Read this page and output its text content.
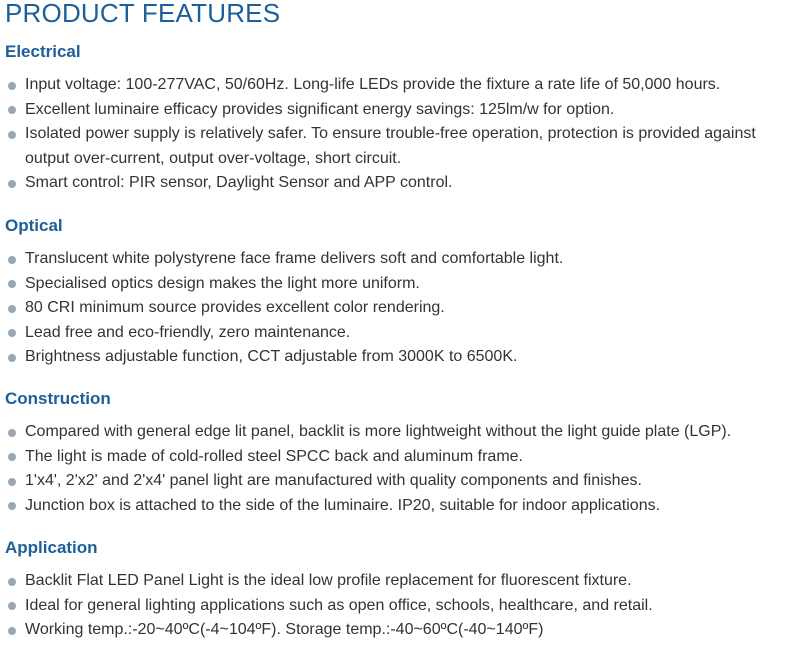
PRODUCT FEATURES
Electrical
Input voltage: 100-277VAC, 50/60Hz. Long-life LEDs provide the fixture a rate life of 50,000 hours.
Excellent luminaire efficacy provides significant energy savings: 125lm/w for option.
Isolated power supply is relatively safer. To ensure trouble-free operation, protection is provided against output over-current, output over-voltage, short circuit.
Smart control: PIR sensor, Daylight Sensor and APP control.
Optical
Translucent white polystyrene face frame delivers soft and comfortable light.
Specialised optics design makes the light more uniform.
80 CRI minimum source provides excellent color rendering.
Lead free and eco-friendly, zero maintenance.
Brightness adjustable function, CCT adjustable from 3000K to 6500K.
Construction
Compared with general edge lit panel, backlit is more lightweight without the light guide plate (LGP).
The light is made of cold-rolled steel SPCC back and aluminum frame.
1'x4', 2'x2' and 2'x4' panel light are manufactured with quality components and finishes.
Junction box is attached to the side of the luminaire. IP20, suitable for indoor applications.
Application
Backlit Flat LED Panel Light is the ideal low profile replacement for fluorescent fixture.
Ideal for general lighting applications such as open office, schools, healthcare, and retail.
Working temp.:-20~40ºC(-4~104ºF). Storage temp.:-40~60ºC(-40~140ºF)
